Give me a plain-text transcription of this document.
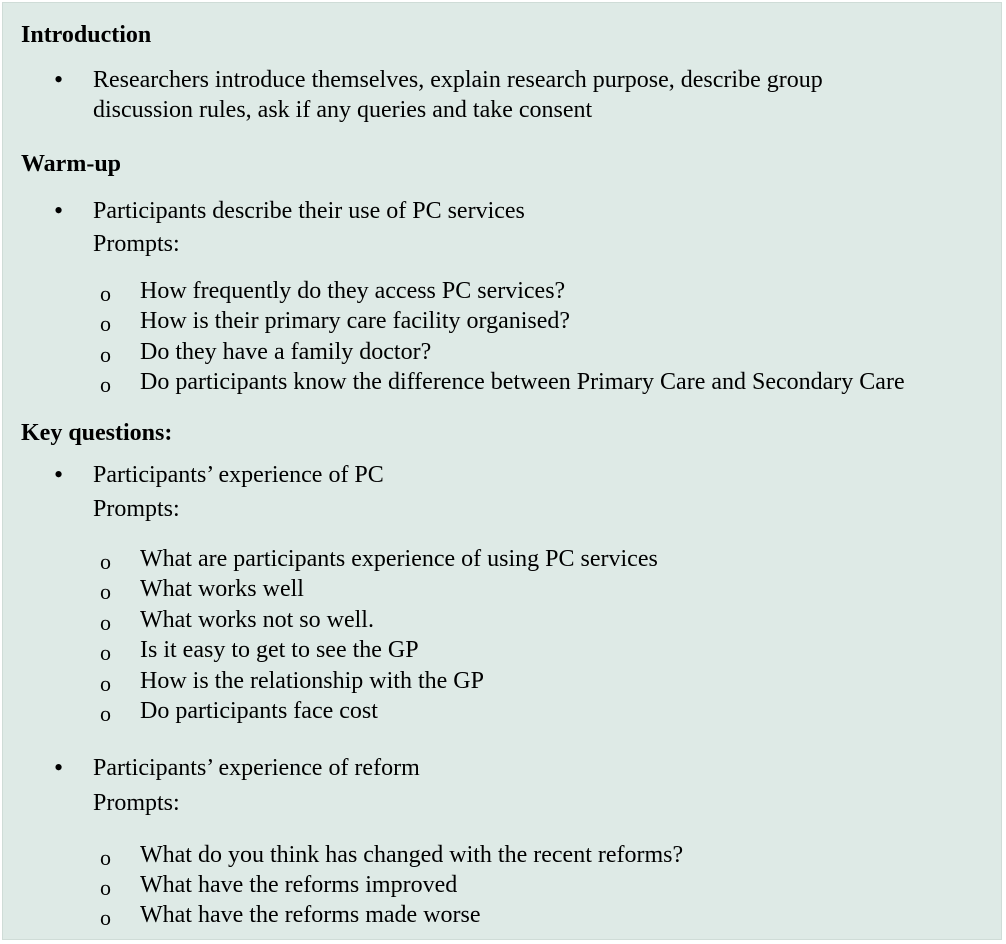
Introduction
• Researchers introduce themselves, explain research purpose, describe group
discussion rules, ask if any queries and take consent
Warm-up
• Participants describe their use of PC services
Prompts:
o How frequently do they access PC services?
o How is their primary care facility organised?
o Do they have a family doctor?
o Do participants know the difference between Primary Care and Secondary Care
Key questions:
• Participants’ experience of PC
Prompts:
o What are participants experience of using PC services
o What works well
o What works not so well.
o Is it easy to get to see the GP
o How is the relationship with the GP
o Do participants face cost
• Participants’ experience of reform
Prompts:
o What do you think has changed with the recent reforms?
o What have the reforms improved
o What have the reforms made worse
